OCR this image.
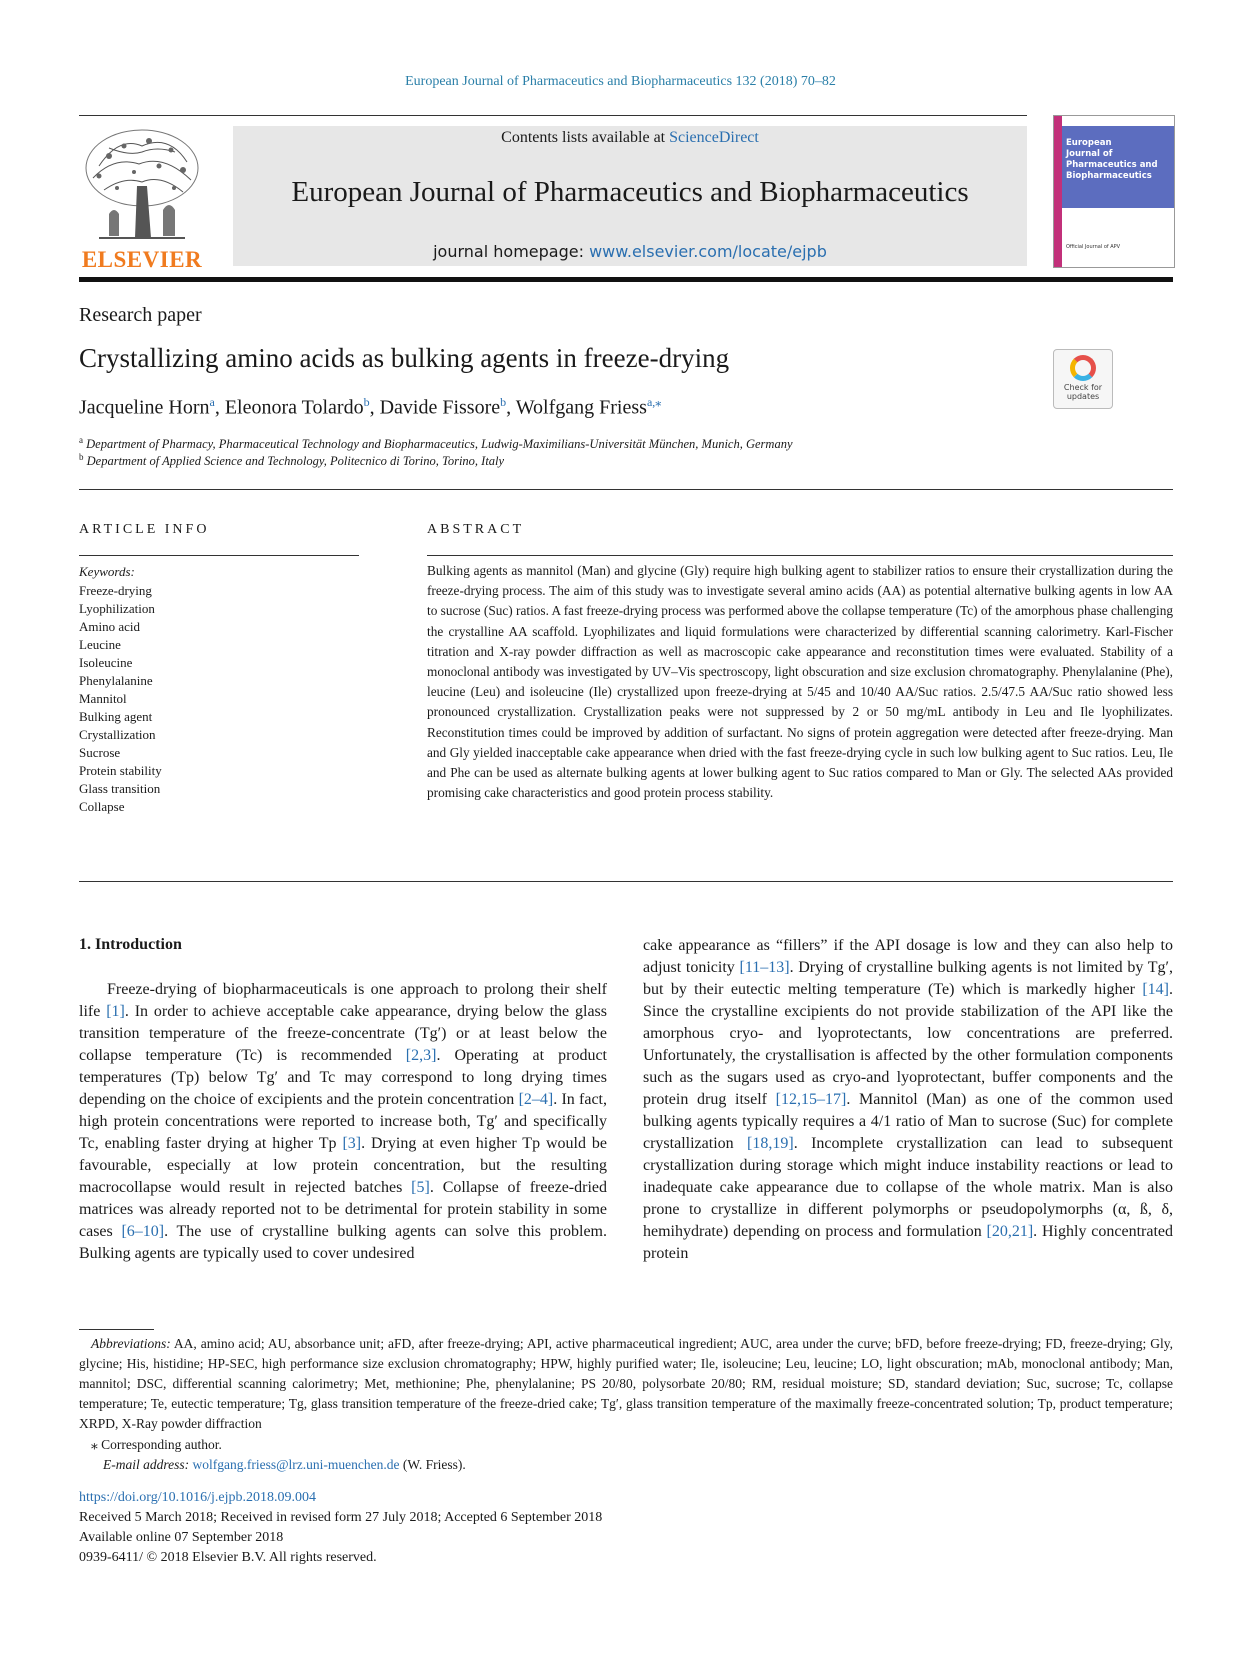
European Journal of Pharmaceutics and Biopharmaceutics 132 (2018) 70–82
ELSEVIER
Contents lists available at ScienceDirect
European Journal of Pharmaceutics and Biopharmaceutics
journal homepage: www.elsevier.com/locate/ejpb
European
Journal of
Pharmaceutics and
Biopharmaceutics
Official Journal of APV
Research paper
Crystallizing amino acids as bulking agents in freeze-drying
Check for
updates
Jacqueline Horn$^a$, Eleonora Tolardo$^b$, Davide Fissore$^b$, Wolfgang Friess$^{a,⁎}$
$^a$ Department of Pharmacy, Pharmaceutical Technology and Biopharmaceutics, Ludwig-Maximilians-Universität München, Munich, Germany
$^b$ Department of Applied Science and Technology, Politecnico di Torino, Torino, Italy
ARTICLE INFO
Keywords:
Freeze-drying
Lyophilization
Amino acid
Leucine
Isoleucine
Phenylalanine
Mannitol
Bulking agent
Crystallization
Sucrose
Protein stability
Glass transition
Collapse
ABSTRACT

Bulking agents as mannitol (Man) and glycine (Gly) require high bulking agent to stabilizer ratios to ensure their crystallization during the freeze-drying process. The aim of this study was to investigate several amino acids (AA) as potential alternative bulking agents in low AA to sucrose (Suc) ratios. A fast freeze-drying process was performed above the collapse temperature (Tc) of the amorphous phase challenging the crystalline AA scaffold. Lyophilizates and liquid formulations were characterized by differential scanning calorimetry. Karl-Fischer titration and X-ray powder diffraction as well as macroscopic cake appearance and reconstitution times were evaluated. Stability of a monoclonal antibody was investigated by UV–Vis spectroscopy, light obscuration and size exclusion chromatography. Phenylalanine (Phe), leucine (Leu) and isoleucine (Ile) crystallized upon freeze-drying at 5/45 and 10/40 AA/Suc ratios. 2.5/47.5 AA/Suc ratio showed less pronounced crystallization. Crystallization peaks were not suppressed by 2 or 50 mg/mL antibody in Leu and Ile lyophilizates. Reconstitution times could be improved by addition of surfactant. No signs of protein aggregation were detected after freeze-drying. Man and Gly yielded inacceptable cake appearance when dried with the fast freeze-drying cycle in such low bulking agent to Suc ratios. Leu, Ile and Phe can be used as alternate bulking agents at lower bulking agent to Suc ratios compared to Man or Gly. The selected AAs provided promising cake characteristics and good protein process stability.

1. Introduction

Freeze-drying of biopharmaceuticals is one approach to prolong their shelf life [1]. In order to achieve acceptable cake appearance, drying below the glass transition temperature of the freeze-concentrate (Tg′) or at least below the collapse temperature (Tc) is recommended [2,3]. Operating at product temperatures (Tp) below Tg′ and Tc may correspond to long drying times depending on the choice of excipients and the protein concentration [2–4]. In fact, high protein concentrations were reported to increase both, Tg′ and specifically Tc, enabling faster drying at higher Tp [3]. Drying at even higher Tp would be favourable, especially at low protein concentration, but the resulting macrocollapse would result in rejected batches [5]. Collapse of freeze-dried matrices was already reported not to be detrimental for protein stability in some cases [6–10]. The use of crystalline bulking agents can solve this problem. Bulking agents are typically used to cover undesired

cake appearance as “fillers” if the API dosage is low and they can also help to adjust tonicity [11–13]. Drying of crystalline bulking agents is not limited by Tg′, but by their eutectic melting temperature (Te) which is markedly higher [14]. Since the crystalline excipients do not provide stabilization of the API like the amorphous cryo- and lyoprotectants, low concentrations are preferred. Unfortunately, the crystallisation is affected by the other formulation components such as the sugars used as cryo-and lyoprotectant, buffer components and the protein drug itself [12,15–17]. Mannitol (Man) as one of the common used bulking agents typically requires a 4/1 ratio of Man to sucrose (Suc) for complete crystallization [18,19]. Incomplete crystallization can lead to subsequent crystallization during storage which might induce instability reactions or lead to inadequate cake appearance due to collapse of the whole matrix. Man is also prone to crystallize in different polymorphs or pseudopolymorphs (α, ß, δ, hemihydrate) depending on process and formulation [20,21]. Highly concentrated protein

Abbreviations: AA, amino acid; AU, absorbance unit; aFD, after freeze-drying; API, active pharmaceutical ingredient; AUC, area under the curve; bFD, before freeze-drying; FD, freeze-drying; Gly, glycine; His, histidine; HP-SEC, high performance size exclusion chromatography; HPW, highly purified water; Ile, isoleucine; Leu, leucine; LO, light obscuration; mAb, monoclonal antibody; Man, mannitol; DSC, differential scanning calorimetry; Met, methionine; Phe, phenylalanine; PS 20/80, polysorbate 20/80; RM, residual moisture; SD, standard deviation; Suc, sucrose; Tc, collapse temperature; Te, eutectic temperature; Tg, glass transition temperature of the freeze-dried cake; Tg′, glass transition temperature of the maximally freeze-concentrated solution; Tp, product temperature; XRPD, X-Ray powder diffraction

⁎ Corresponding author.
E-mail address: wolfgang.friess@lrz.uni-muenchen.de (W. Friess).
https://doi.org/10.1016/j.ejpb.2018.09.004
Received 5 March 2018; Received in revised form 27 July 2018; Accepted 6 September 2018
Available online 07 September 2018
0939-6411/ © 2018 Elsevier B.V. All rights reserved.
